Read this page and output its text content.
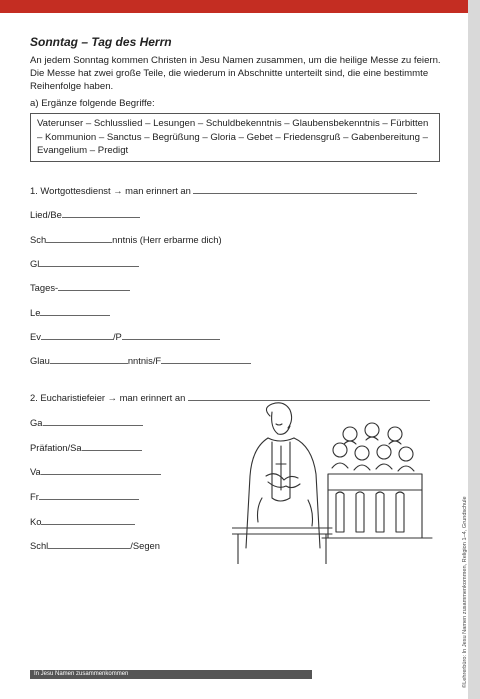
Sonntag – Tag des Herrn
An jedem Sonntag kommen Christen in Jesu Namen zusammen, um die heilige Messe zu feiern. Die Messe hat zwei große Teile, die wiederum in Abschnitte unterteilt sind, die eine bestimmte Reihenfolge haben.
a) Ergänze folgende Begriffe:
Vaterunser – Schlusslied – Lesungen – Schuldbekenntnis – Glaubensbekenntnis – Fürbitten – Kommunion – Sanctus – Begrüßung – Gloria – Gebet – Friedensgruß – Gabenbereitung – Evangelium – Predigt
1. Wortgottesdienst → man erinnert an
Lied/Be
Sch	nntnis (Herr erbarme dich)
Gl
Tages-
Le
Ev	/P
Glau	nntnis/F
2. Eucharistiefeier → man erinnert an
Ga
Präfation/Sa
Va
Fr
Ko
Schl	/Segen
In Jesu Namen zusammenkommen	©Lehrerbüro: In Jesu Namen zusammenkommen, Religion 1–4, Grundschule
